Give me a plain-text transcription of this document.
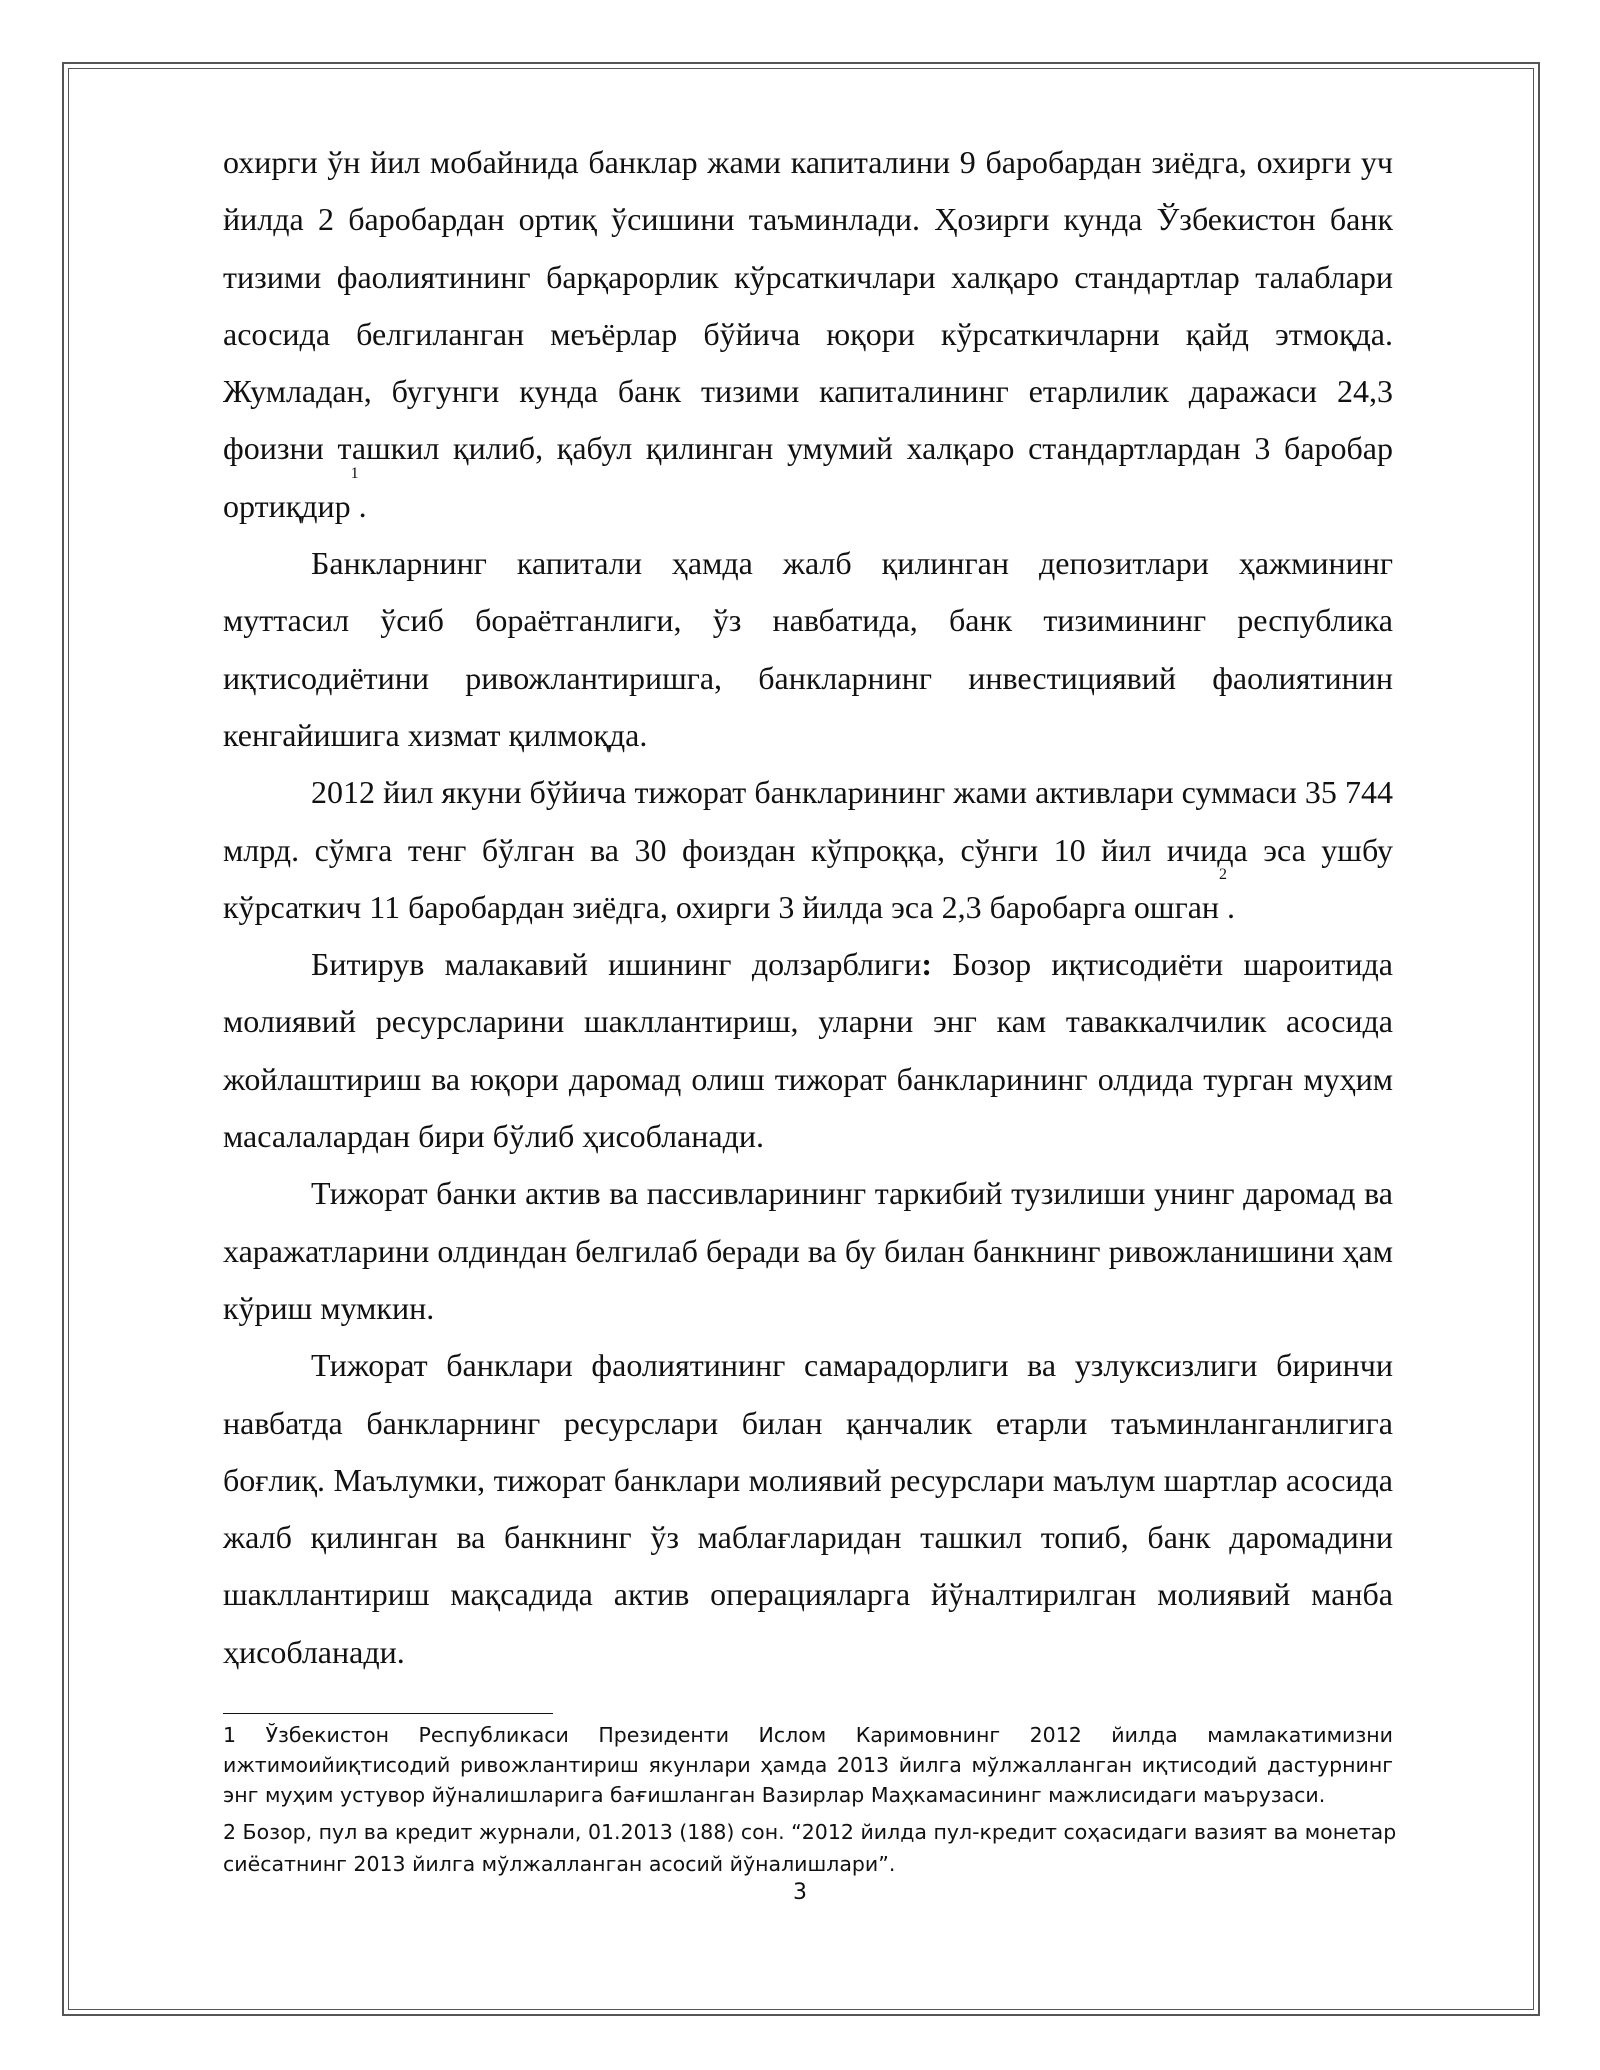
охирги ўн йил мобайнида банклар жами капиталини 9 баробардан зиёдга, охирги уч йилда 2 баробардан ортиқ ўсишини таъминлади. Ҳозирги кунда Ўзбекистон банк тизими фаолиятининг барқарорлик кўрсаткичлари халқаро стандартлар талаблари асосида белгиланган меъёрлар бўйича юқори кўрсаткичларни қайд этмоқда. Жумладан, бугунги кунда банк тизими капиталининг етарлилик даражаси 24,3 фоизни ташкил қилиб, қабул қилинган умумий халқаро стандартлардан 3 баробар ортиқдир$^1$.

Банкларнинг капитали ҳамда жалб қилинган депозитлари ҳажмининг муттасил ўсиб бораётганлиги, ўз навбатида, банк тизимининг республика иқтисодиётини ривожлантиришга, банкларнинг инвестициявий фаолиятинин кенгайишига хизмат қилмоқда.

2012 йил якуни бўйича тижорат банкларининг жами активлари суммаси 35 744 млрд. сўмга тенг бўлган ва 30 фоиздан кўпроққа, сўнги 10 йил ичида эса ушбу кўрсаткич 11 баробардан зиёдга, охирги 3 йилда эса 2,3 баробарга ошган$^2$.

Битирув малакавий ишининг долзарблиги: Бозор иқтисодиёти шароитида молиявий ресурсларини шакллантириш, уларни энг кам таваккалчилик асосида жойлаштириш ва юқори даромад олиш тижорат банкларининг олдида турган муҳим масалалардан бири бўлиб ҳисобланади.

Тижорат банки актив ва пассивларининг таркибий тузилиши унинг даромад ва харажатларини олдиндан белгилаб беради ва бу билан банкнинг ривожланишини ҳам кўриш мумкин.

Тижорат банклари фаолиятининг самарадорлиги ва узлуксизлиги биринчи навбатда банкларнинг ресурслари билан қанчалик етарли таъминланганлигига боғлиқ. Маълумки, тижорат банклари молиявий ресурслари маълум шартлар асосида жалб қилинган ва банкнинг ўз маблағларидан ташкил топиб, банк даромадини шакллантириш мақсадида актив операцияларга йўналтирилган молиявий манба ҳисобланади.

1 Ўзбекистон Республикаси Президенти Ислом Каримовнинг 2012 йилда мамлакатимизни ижтимоийиқтисодий ривожлантириш якунлари ҳамда 2013 йилга мўлжалланган иқтисодий дастурнинг энг муҳим устувор йўналишларига бағишланган Вазирлар Маҳкамасининг мажлисидаги маърузаси.

2 Бозор, пул ва кредит журнали, 01.2013 (188) сон. “2012 йилда пул-кредит соҳасидаги вазият ва монетар сиёсатнинг 2013 йилга мўлжалланган асосий йўналишлари”.

3
